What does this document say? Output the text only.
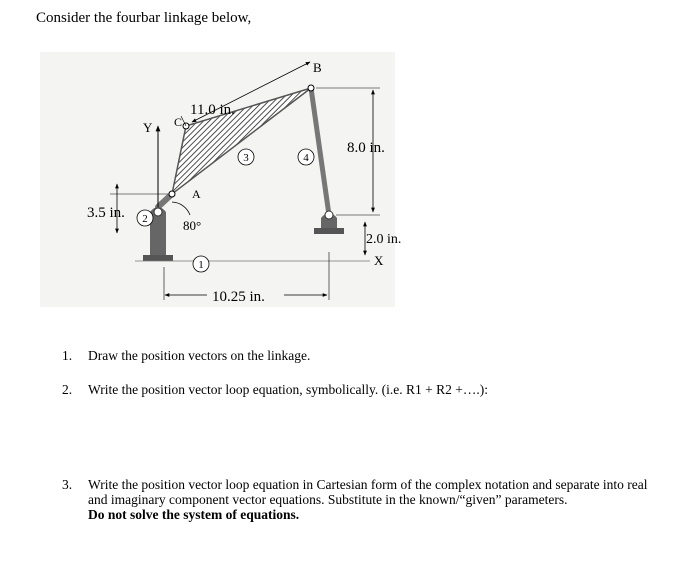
Consider the fourbar linkage below,
B
C
A
Y
X
11.0 in.
8.0 in.
3.5 in.
10.25 in.
2.0 in.
80°
1
2
3	4
1.	Draw the position vectors on the linkage.
2.	Write the position vector loop equation, symbolically. (i.e. R1 + R2 +….):
3.	Write the position vector loop equation in Cartesian form of the complex notation and separate into real and imaginary component vector equations. Substitute in the known/“given” parameters.
Do not solve the system of equations.
